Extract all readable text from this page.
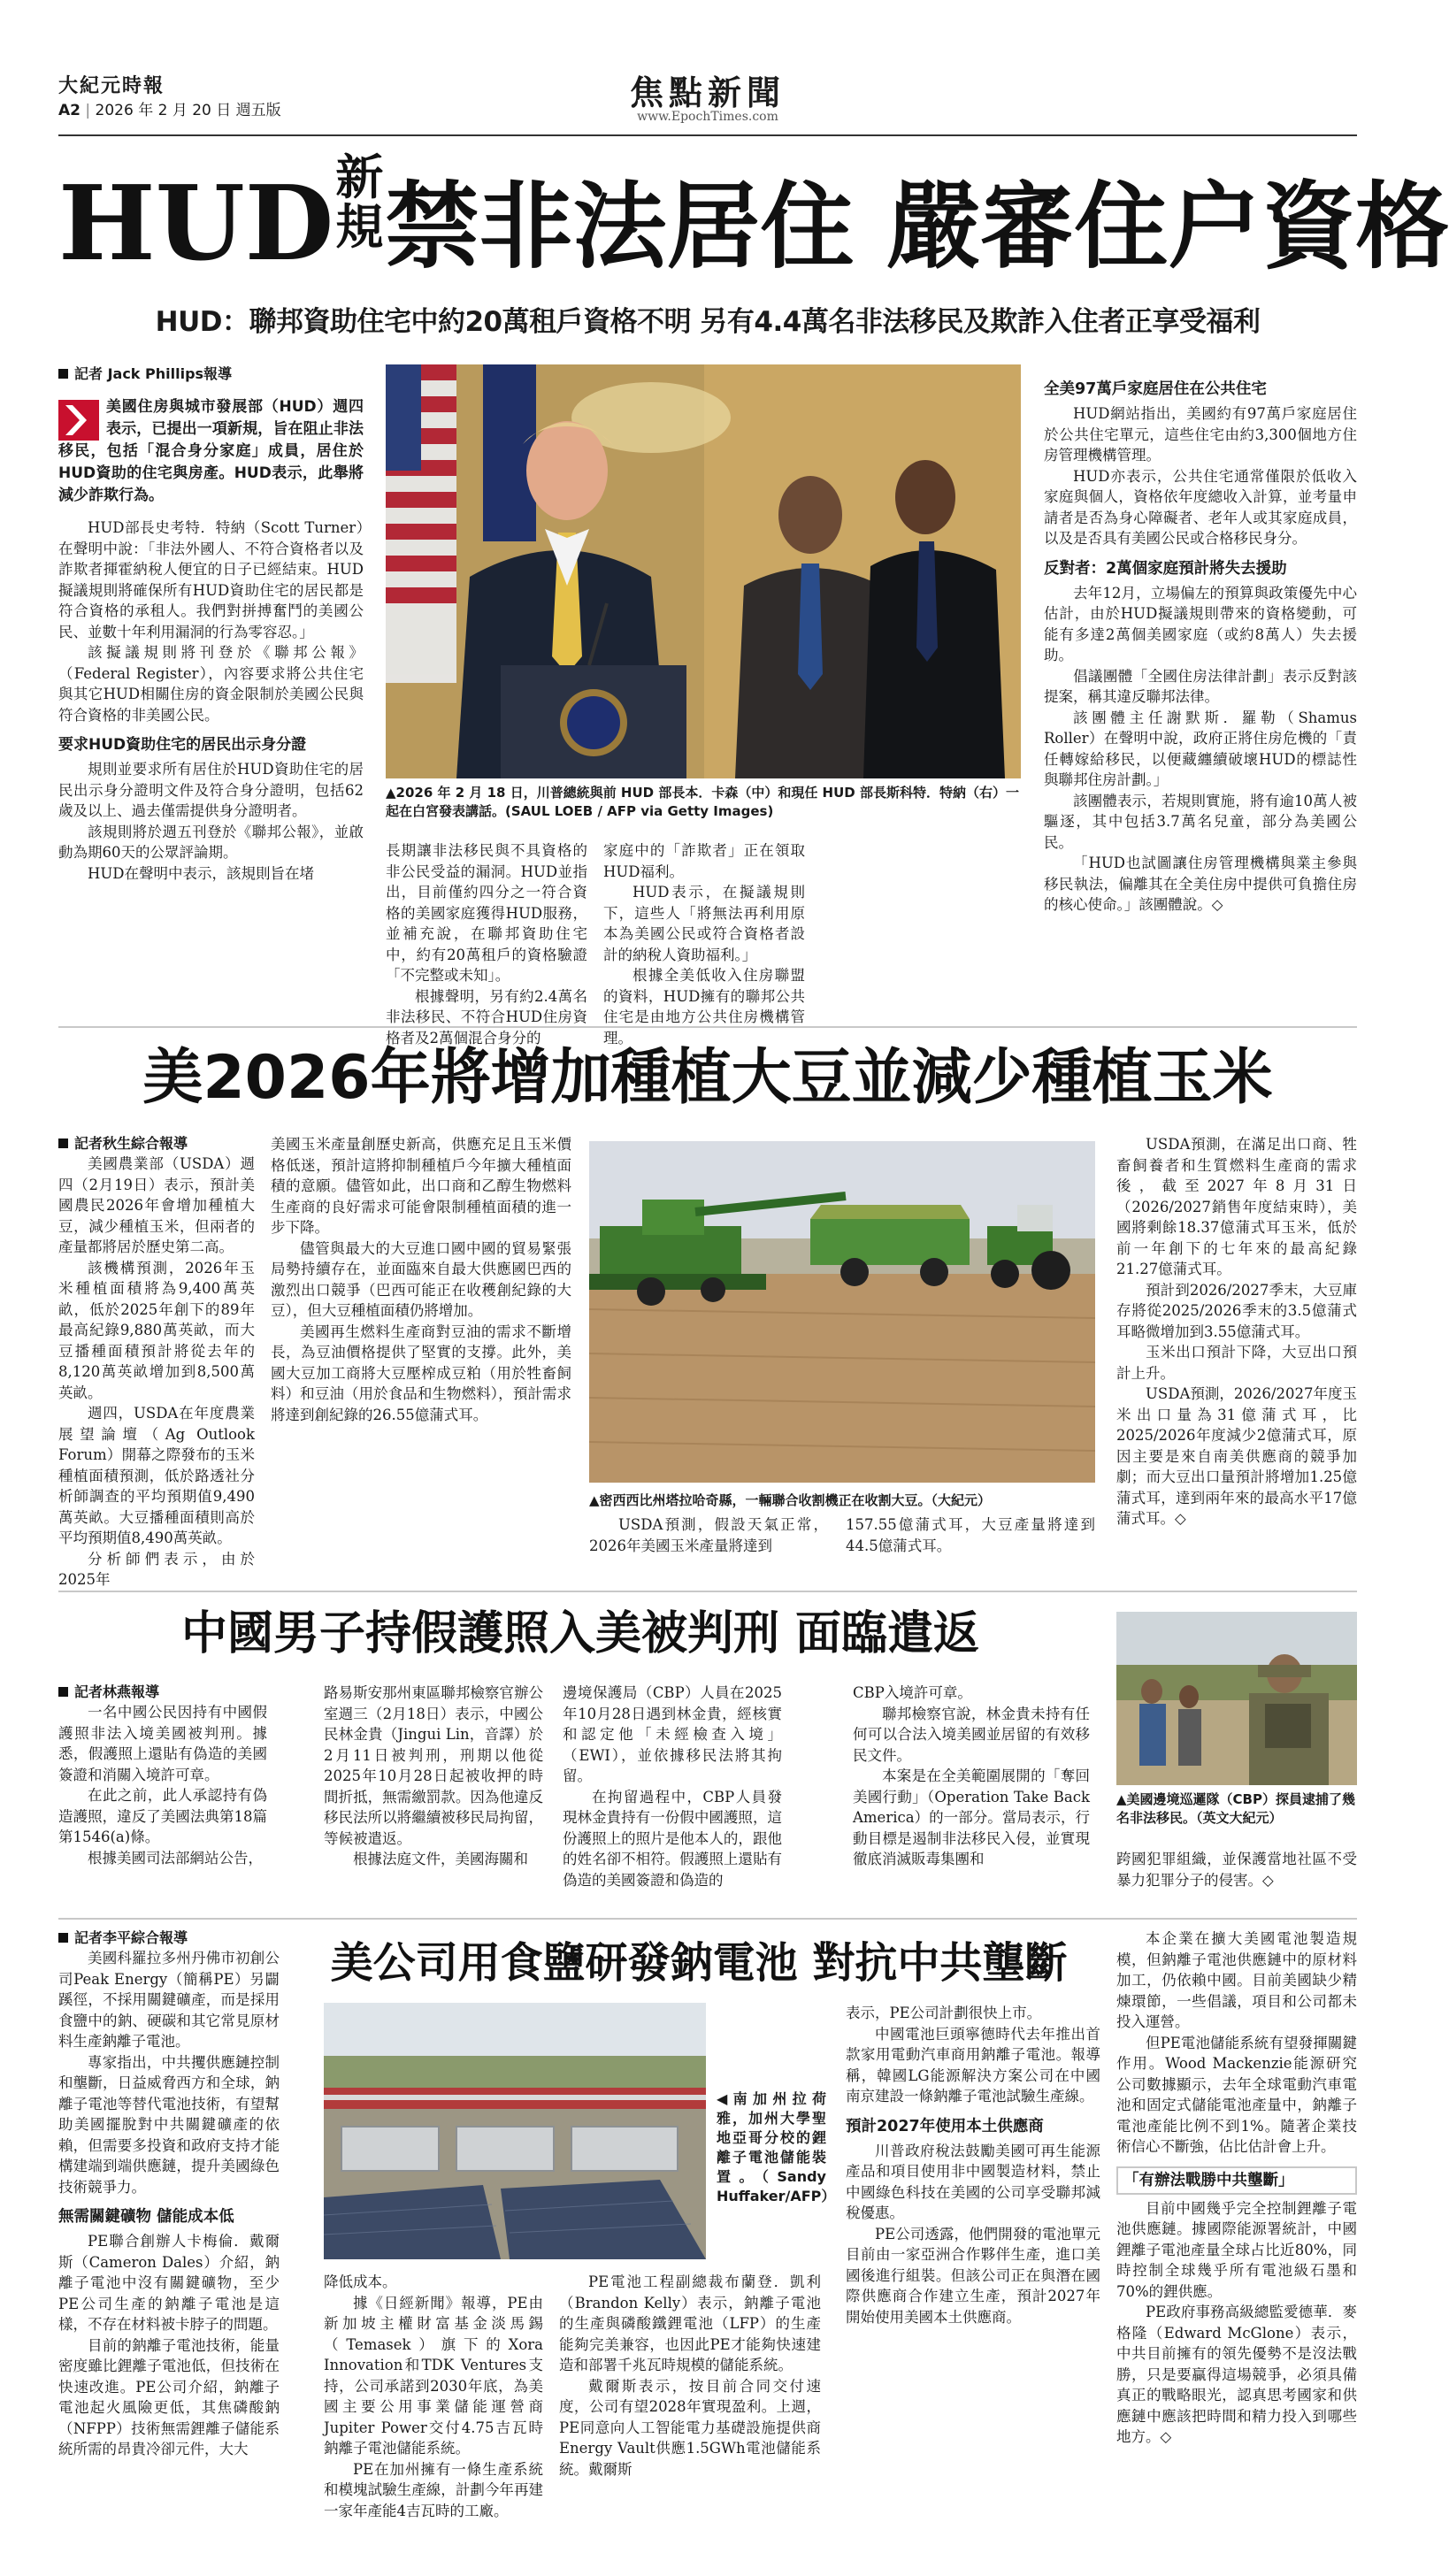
大紀元時報
A2 | 2026 年 2 月 20 日 週五版	焦點新聞
www.EpochTimes.com
HUD新
規禁非法居住 嚴審住户資格
HUD：聯邦資助住宅中約20萬租戶資格不明 另有4.4萬名非法移民及欺詐入住者正享受福利
記者 Jack Phillips報導
美國住房與城市發展部（HUD）週四表示，已提出一項新規，旨在阻止非法移民，包括「混合身分家庭」成員，居住於HUD資助的住宅與房產。HUD表示，此舉將減少詐欺行為。

HUD部長史考特．特納（Scott Turner）在聲明中說：「非法外國人、不符合資格者以及詐欺者揮霍納稅人便宜的日子已經結束。HUD擬議規則將確保所有HUD資助住宅的居民都是符合資格的承租人。我們對拼搏奮鬥的美國公民、並數十年利用漏洞的行為零容忍。」

該擬議規則將刊登於《聯邦公報》（Federal Register），內容要求將公共住宅與其它HUD相關住房的資金限制於美國公民與符合資格的非美國公民。

要求HUD資助住宅的居民出示身分證

規則並要求所有居住於HUD資助住宅的居民出示身分證明文件及符合身分證明，包括62歲及以上、過去僅需提供身分證明者。

該規則將於週五刊登於《聯邦公報》，並啟動為期60天的公眾評論期。

HUD在聲明中表示，該規則旨在堵

▲2026 年 2 月 18 日，川普總統與前 HUD 部長本．卡森（中）和現任 HUD 部長斯科特．特納（右）一起在白宮發表講話。(SAUL LOEB / AFP via Getty Images)
長期讓非法移民與不具資格的非公民受益的漏洞。HUD並指出，目前僅約四分之一符合資格的美國家庭獲得HUD服務，並補充說，在聯邦資助住宅中，約有20萬租戶的資格驗證「不完整或未知」。

根據聲明，另有約2.4萬名非法移民、不符合HUD住房資格者及2萬個混合身分的

家庭中的「詐欺者」正在領取HUD福利。

HUD表示，在擬議規則下，這些人「將無法再利用原本為美國公民或符合資格者設計的納稅人資助福利。」

根據全美低收入住房聯盟的資料，HUD擁有的聯邦公共住宅是由地方公共住房機構管理。

全美97萬戶家庭居住在公共住宅

HUD網站指出，美國約有97萬戶家庭居住於公共住宅單元，這些住宅由約3,300個地方住房管理機構管理。

HUD亦表示，公共住宅通常僅限於低收入家庭與個人，資格依年度總收入計算，並考量申請者是否為身心障礙者、老年人或其家庭成員，以及是否具有美國公民或合格移民身分。

反對者：2萬個家庭預計將失去援助

去年12月，立場偏左的預算與政策優先中心估計，由於HUD擬議規則帶來的資格變動，可能有多達2萬個美國家庭（或約8萬人）失去援助。

倡議團體「全國住房法律計劃」表示反對該提案，稱其違反聯邦法律。

該團體主任謝默斯．羅勒（Shamus Roller）在聲明中說，政府正將住房危機的「責任轉嫁給移民，以便藏纏續破壞HUD的標誌性與聯邦住房計劃。」

該團體表示，若規則實施，將有逾10萬人被驅逐，其中包括3.7萬名兒童，部分為美國公民。

「HUD也試圖讓住房管理機構與業主參與移民執法，偏離其在全美住房中提供可負擔住房的核心使命。」該團體說。◇

美2026年將增加種植大豆並減少種植玉米
記者秋生綜合報導

美國農業部（USDA）週四（2月19日）表示，預計美國農民2026年會增加種植大豆，減少種植玉米，但兩者的產量都將居於歷史第二高。

該機構預測，2026年玉米種植面積將為9,400萬英畝，低於2025年創下的89年最高紀錄9,880萬英畝，而大豆播種面積預計將從去年的8,120萬英畝增加到8,500萬英畝。

週四，USDA在年度農業展望論壇（Ag Outlook Forum）開幕之際發布的玉米種植面積預測，低於路透社分析師調查的平均預期值9,490萬英畝。大豆播種面積則高於平均預期值8,490萬英畝。

分析師們表示，由於2025年

美國玉米產量創歷史新高，供應充足且玉米價格低迷，預計這將抑制種植戶今年擴大種植面積的意願。儘管如此，出口商和乙醇生物燃料生產商的良好需求可能會限制種植面積的進一步下降。

儘管與最大的大豆進口國中國的貿易緊張局勢持續存在，並面臨來自最大供應國巴西的激烈出口競爭（巴西可能正在收穫創紀錄的大豆），但大豆種植面積仍將增加。

美國再生燃料生產商對豆油的需求不斷增長，為豆油價格提供了堅實的支撐。此外，美國大豆加工商將大豆壓榨成豆粕（用於牲畜飼料）和豆油（用於食品和生物燃料），預計需求將達到創紀錄的26.55億蒲式耳。

▲密西西比州塔拉哈奇縣，一輛聯合收割機正在收割大豆。（大紀元）

USDA預測，假設天氣正常，2026年美國玉米產量將達到

157.55億蒲式耳，大豆產量將達到44.5億蒲式耳。

USDA預測，在滿足出口商、牲畜飼養者和生質燃料生產商的需求後，截至2027年8月31日（2026/2027銷售年度結束時），美國將剩餘18.37億蒲式耳玉米，低於前一年創下的七年來的最高紀錄21.27億蒲式耳。

預計到2026/2027季末，大豆庫存將從2025/2026季末的3.5億蒲式耳略微增加到3.55億蒲式耳。

玉米出口預計下降，大豆出口預計上升。

USDA預測，2026/2027年度玉米出口量為31億蒲式耳，比2025/2026年度減少2億蒲式耳，原因主要是來自南美供應商的競爭加劇；而大豆出口量預計將增加1.25億蒲式耳，達到兩年來的最高水平17億蒲式耳。◇

中國男子持假護照入美被判刑 面臨遣返
記者林燕報導

一名中國公民因持有中國假護照非法入境美國被判刑。據悉，假護照上還貼有偽造的美國簽證和消關入境許可章。

在此之前，此人承認持有偽造護照，違反了美國法典第18篇第1546(a)條。

根據美國司法部網站公告，

路易斯安那州東區聯邦檢察官辦公室週三（2月18日）表示，中國公民林金貴（Jingui Lin，音譯）於2月11日被判刑，刑期以他從2025年10月28日起被收押的時間折抵，無需繳罰款。因為他違反移民法所以將繼續被移民局拘留，等候被遣返。

根據法庭文件，美國海關和

邊境保護局（CBP）人員在2025年10月28日遇到林金貴，經核實和認定他「未經檢查入境」（EWI），並依據移民法將其拘留。

在拘留過程中，CBP人員發現林金貴持有一份假中國護照，這份護照上的照片是他本人的，跟他的姓名卻不相符。假護照上還貼有偽造的美國簽證和偽造的

CBP入境許可章。

聯邦檢察官說，林金貴未持有任何可以合法入境美國並居留的有效移民文件。

本案是在全美範圍展開的「奪回美國行動」（Operation Take Back America）的一部分。當局表示，行動目標是遏制非法移民入侵，並實現徹底消滅販毒集團和

▲美國邊境巡邏隊（CBP）探員逮捕了幾名非法移民。（英文大紀元）
跨國犯罪組織，並保護當地社區不受暴力犯罪分子的侵害。◇
記者李平綜合報導

美國科羅拉多州丹佛市初創公司Peak Energy（簡稱PE）另闢蹊徑，不採用關鍵礦產，而是採用食鹽中的鈉、硬碳和其它常見原材料生產鈉離子電池。

專家指出，中共攫供應鏈控制和壟斷，日益威脅西方和全球，鈉離子電池等替代電池技術，有望幫助美國擺脫對中共關鍵礦產的依賴，但需要多投資和政府支持才能構建端到端供應鏈，提升美國綠色技術競爭力。

無需關鍵礦物 儲能成本低

PE聯合創辦人卡梅倫．戴爾斯（Cameron Dales）介紹，鈉離子電池中沒有關鍵礦物，至少PE公司生產的鈉離子電池是這樣，不存在材料被卡脖子的問題。

目前的鈉離子電池技術，能量密度雖比鋰離子電池低，但技術在快速改進。PE公司介紹，鈉離子電池起火風險更低，其焦磷酸鈉（NFPP）技術無需鋰離子儲能系統所需的昂貴冷卻元件，大大

美公司用食鹽研發鈉電池 對抗中共壟斷
◀南加州拉荷雅，加州大學聖地亞哥分校的鋰離子電池儲能裝置。（Sandy Huffaker/AFP）
降低成本。

據《日經新聞》報導，PE由新加坡主權財富基金淡馬錫（Temasek）旗下的Xora Innovation和TDK Ventures支持，公司承諾到2030年底，為美國主要公用事業儲能運營商Jupiter Power交付4.75吉瓦時鈉離子電池儲能系統。

PE在加州擁有一條生產系統和模塊試驗生產線，計劃今年再建一家年產能4吉瓦時的工廠。

PE電池工程副總裁布蘭登．凱利（Brandon Kelly）表示，鈉離子電池的生產與磷酸鐵鋰電池（LFP）的生產能夠完美兼容，也因此PE才能夠快速建造和部署千兆瓦時規模的儲能系統。

戴爾斯表示，按目前合同交付速度，公司有望2028年實現盈利。上週，PE同意向人工智能電力基礎設施提供商Energy Vault供應1.5GWh電池儲能系統。戴爾斯

表示，PE公司計劃很快上市。

中國電池巨頭寧德時代去年推出首款家用電動汽車商用鈉離子電池。報導稱，韓國LG能源解決方案公司在中國南京建設一條鈉離子電池試驗生產線。

預計2027年使用本土供應商

川普政府稅法鼓勵美國可再生能源產品和項目使用非中國製造材料，禁止中國綠色科技在美國的公司享受聯邦減稅優惠。

PE公司透露，他們開發的電池單元目前由一家亞洲合作夥伴生產，進口美國後進行組裝。但該公司正在與潛在國際供應商合作建立生產，預計2027年開始使用美國本土供應商。

本企業在擴大美國電池製造規模，但鈉離子電池供應鏈中的原材料加工，仍依賴中國。目前美國缺少精煉環節，一些倡議，項目和公司都未投入運營。

但PE電池儲能系統有望發揮關鍵作用。Wood Mackenzie能源研究公司數據顯示，去年全球電動汽車電池和固定式儲能電池產量中，鈉離子電池產能比例不到1%。隨著企業技術信心不斷強，佔比估計會上升。

「有辦法戰勝中共壟斷」

目前中國幾乎完全控制鋰離子電池供應鏈。據國際能源署統計，中國鋰離子電池產量全球占比近80%，同時控制全球幾乎所有電池級石墨和70%的鋰供應。

PE政府事務高級總監愛德華．麥格隆（Edward McGlone）表示，中共目前擁有的領先優勢不是沒法戰勝，只是要贏得這場競爭，必須具備真正的戰略眼光，認真思考國家和供應鏈中應該把時間和精力投入到哪些地方。◇
